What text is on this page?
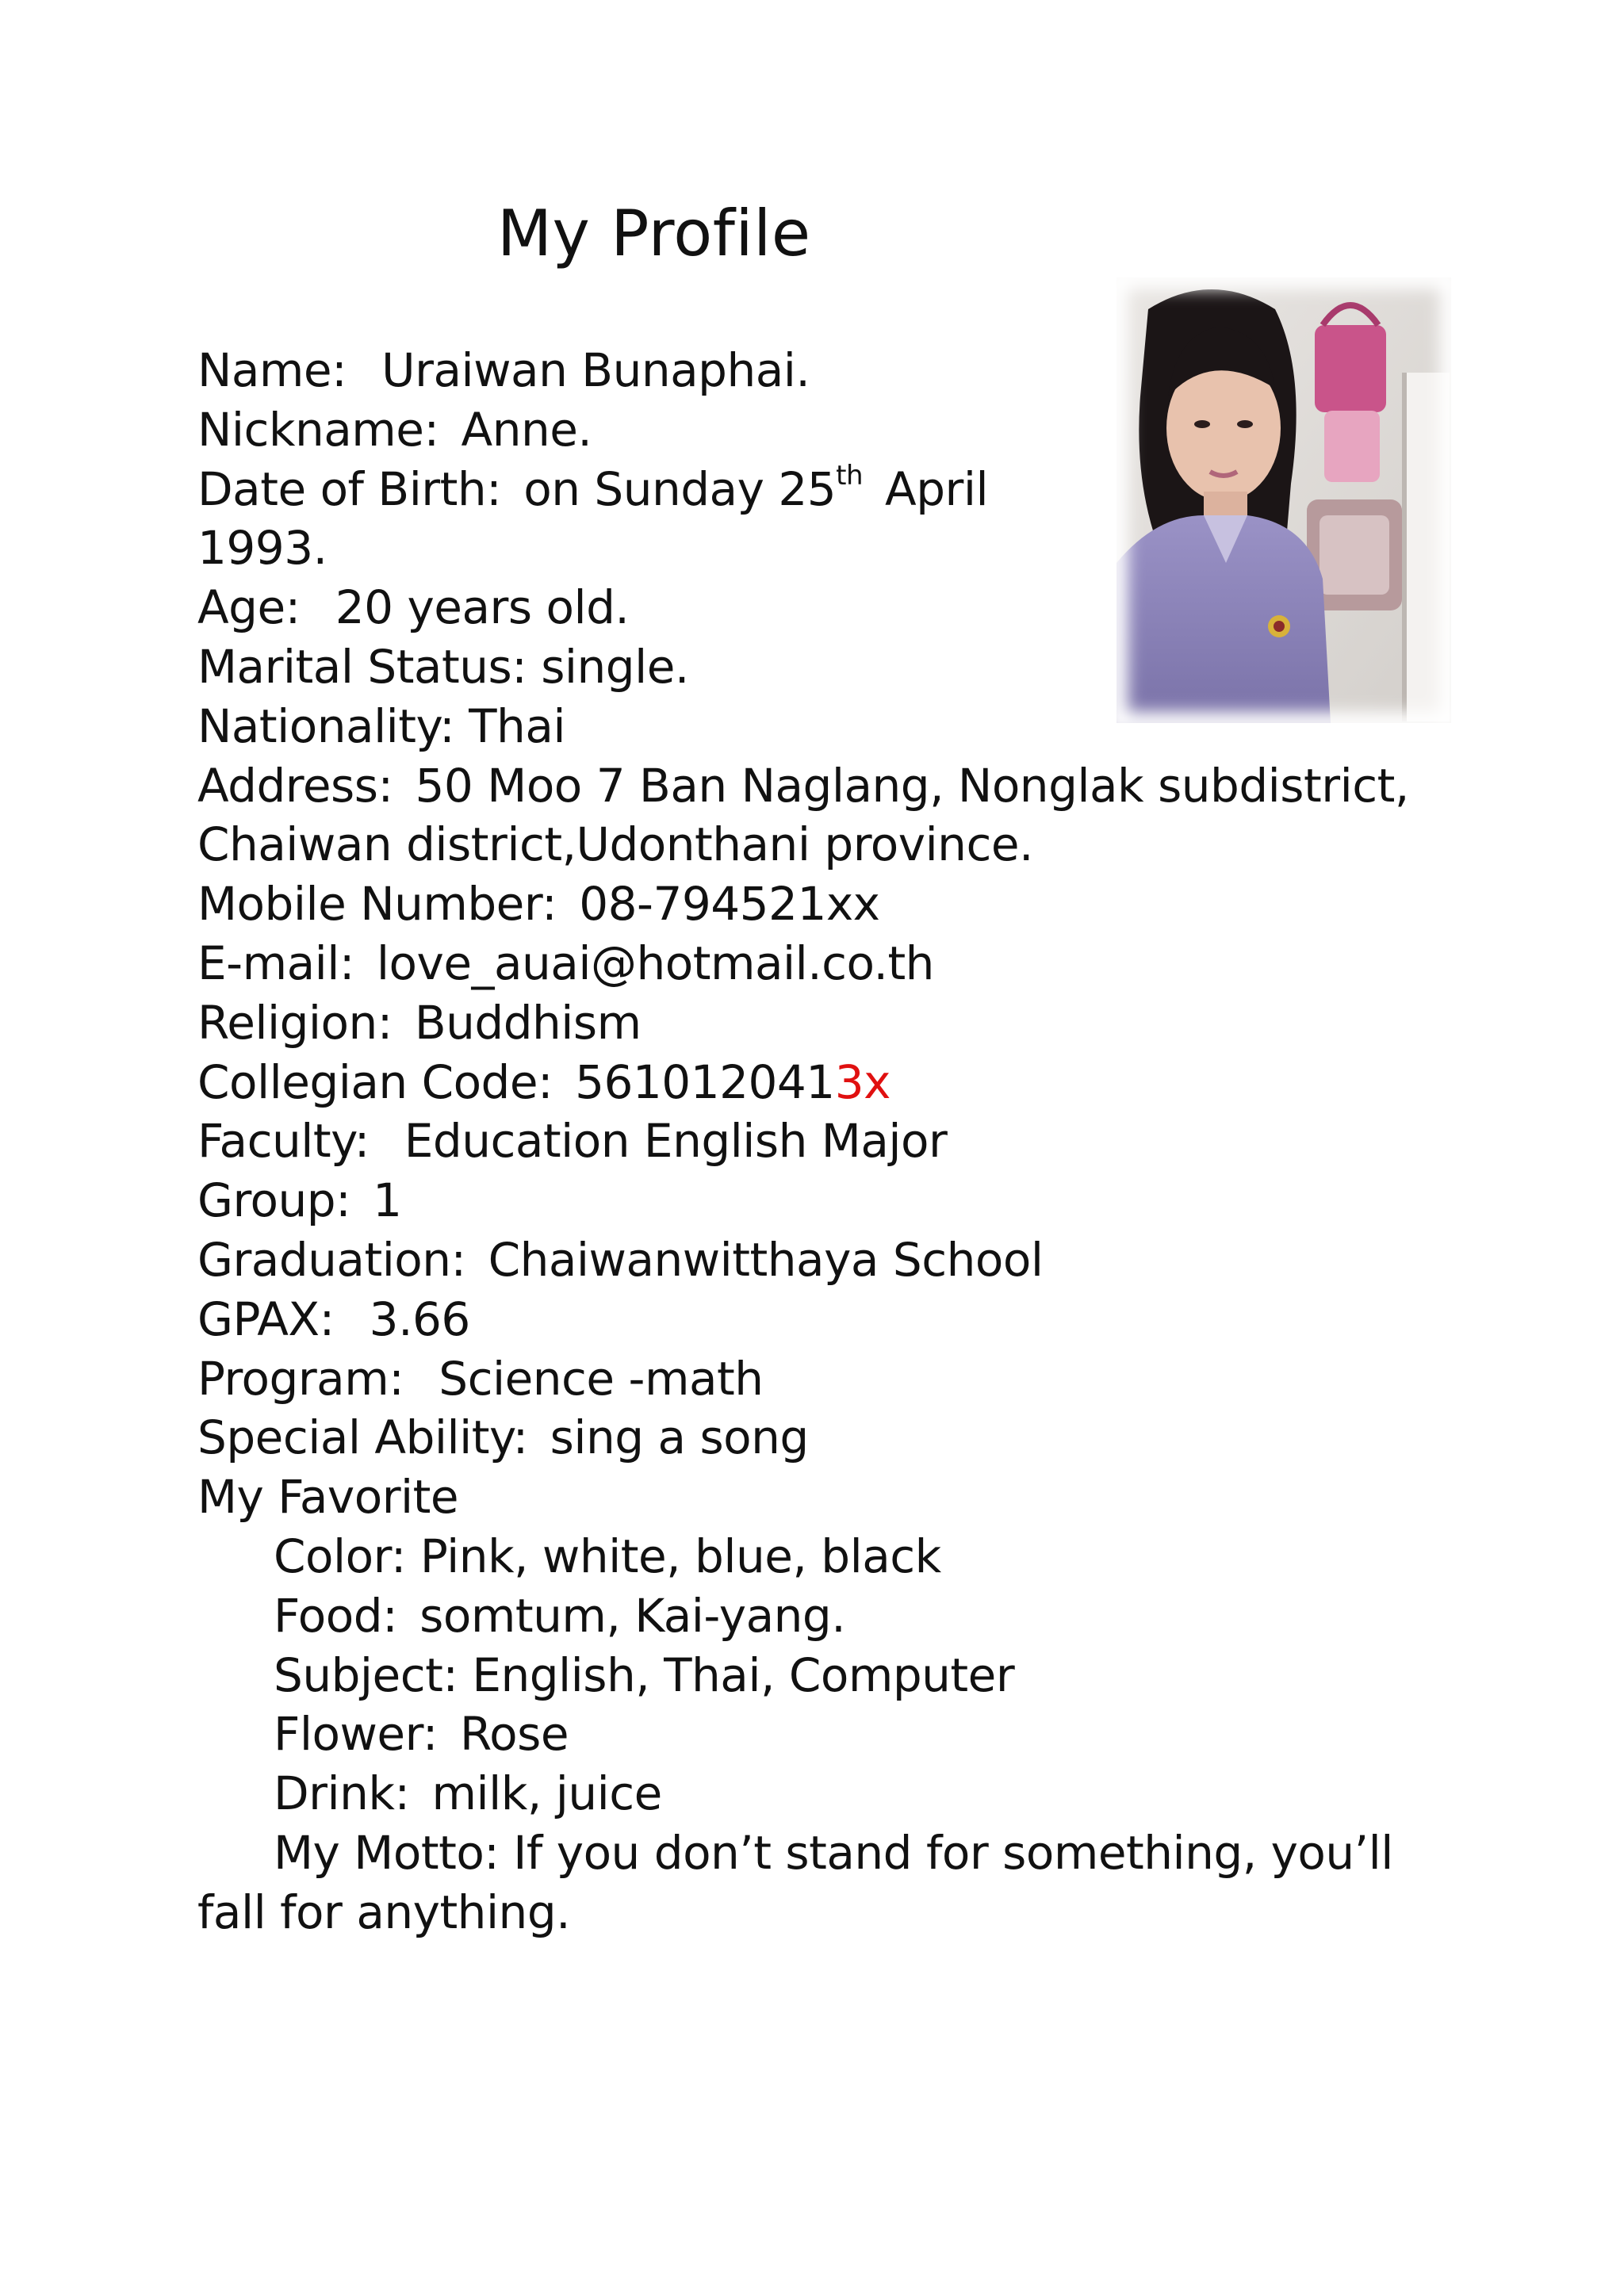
My Profile
Name: Uraiwan Bunaphai.
Nickname: Anne.
Date of Birth: on Sunday 25th April
1993.
Age: 20 years old.
Marital Status: single.
Nationality: Thai
Address: 50 Moo 7 Ban Naglang, Nonglak subdistrict,
Chaiwan district,Udonthani province.
Mobile Number: 08-794521xx
E-mail: love_auai@hotmail.co.th
Religion: Buddhism
Collegian Code: 5610120413x
Faculty: Education English Major
Group: 1
Graduation: Chaiwanwitthaya School
GPAX: 3.66
Program: Science -math
Special Ability: sing a song
My Favorite
Color: Pink, white, blue, black
Food: somtum, Kai-yang.
Subject: English, Thai, Computer
Flower: Rose
Drink: milk, juice
My Motto: If you don’t stand for something, you’ll
fall for anything.
